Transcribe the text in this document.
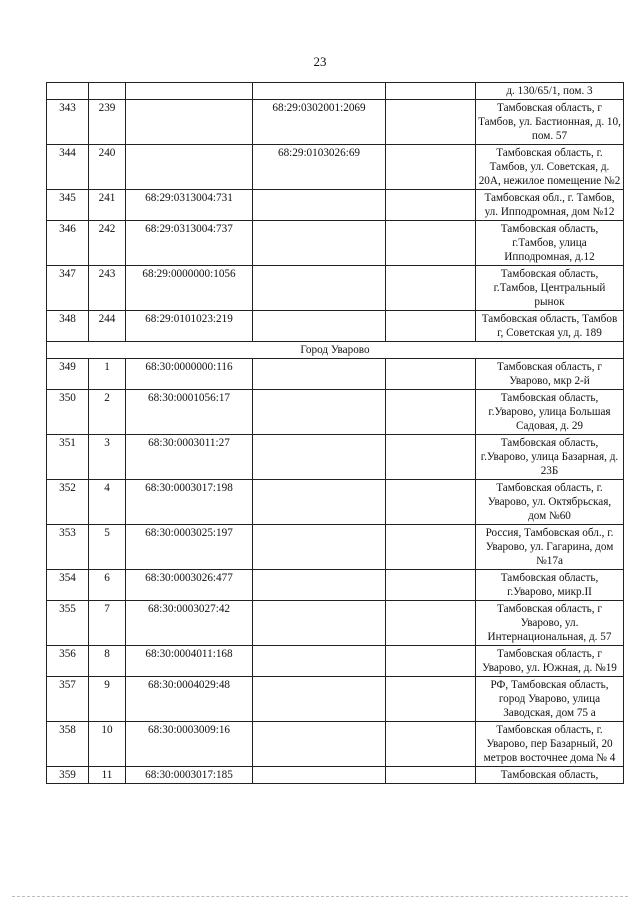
23
					д. 130/65/1, пом. 3
343	239		68:29:0302001:2069		Тамбовская область, г Тамбов, ул. Бастионная, д. 10, пом. 57
344	240		68:29:0103026:69		Тамбовская область, г. Тамбов, ул. Советская, д. 20А, нежилое помещение №2
345	241	68:29:0313004:731			Тамбовская обл., г. Тамбов, ул. Ипподромная, дом №12
346	242	68:29:0313004:737			Тамбовская область, г.Тамбов, улица Ипподромная, д.12
347	243	68:29:0000000:1056			Тамбовская область, г.Тамбов, Центральный рынок
348	244	68:29:0101023:219			Тамбовская область, Тамбов г, Советская ул, д. 189
Город Уварово					
349	1	68:30:0000000:116			Тамбовская область, г Уварово, мкр 2-й
350	2	68:30:0001056:17			Тамбовская область, г.Уварово, улица Большая Садовая, д. 29
351	3	68:30:0003011:27			Тамбовская область, г.Уварово, улица Базарная, д. 23Б
352	4	68:30:0003017:198			Тамбовская область, г. Уварово, ул. Октябрьская, дом №60
353	5	68:30:0003025:197			Россия, Тамбовская обл., г. Уварово, ул. Гагарина, дом №17а
354	6	68:30:0003026:477			Тамбовская область, г.Уварово, микр.II
355	7	68:30:0003027:42			Тамбовская область, г Уварово, ул. Интернациональная, д. 57
356	8	68:30:0004011:168			Тамбовская область, г Уварово, ул. Южная, д. №19
357	9	68:30:0004029:48			РФ, Тамбовская область, город Уварово, улица Заводская, дом 75 а
358	10	68:30:0003009:16			Тамбовская область, г. Уварово, пер Базарный, 20 метров восточнее дома № 4
359	11	68:30:0003017:185			Тамбовская область,
